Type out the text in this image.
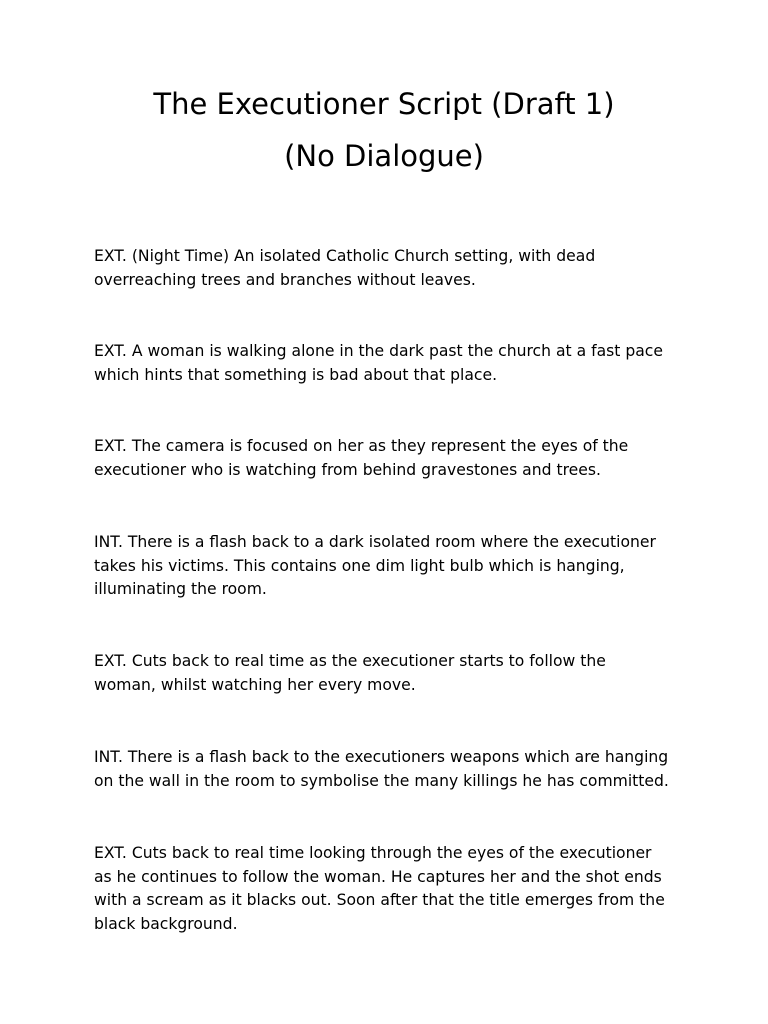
The Executioner Script (Draft 1)
(No Dialogue)

EXT. (Night Time) An isolated Catholic Church setting, with dead
overreaching trees and branches without leaves.

EXT. A woman is walking alone in the dark past the church at a fast pace
which hints that something is bad about that place.

EXT. The camera is focused on her as they represent the eyes of the
executioner who is watching from behind gravestones and trees.

INT. There is a flash back to a dark isolated room where the executioner
takes his victims. This contains one dim light bulb which is hanging,
illuminating the room.

EXT. Cuts back to real time as the executioner starts to follow the
woman, whilst watching her every move.

INT. There is a flash back to the executioners weapons which are hanging
on the wall in the room to symbolise the many killings he has committed.

EXT. Cuts back to real time looking through the eyes of the executioner
as he continues to follow the woman. He captures her and the shot ends
with a scream as it blacks out. Soon after that the title emerges from the
black background.
